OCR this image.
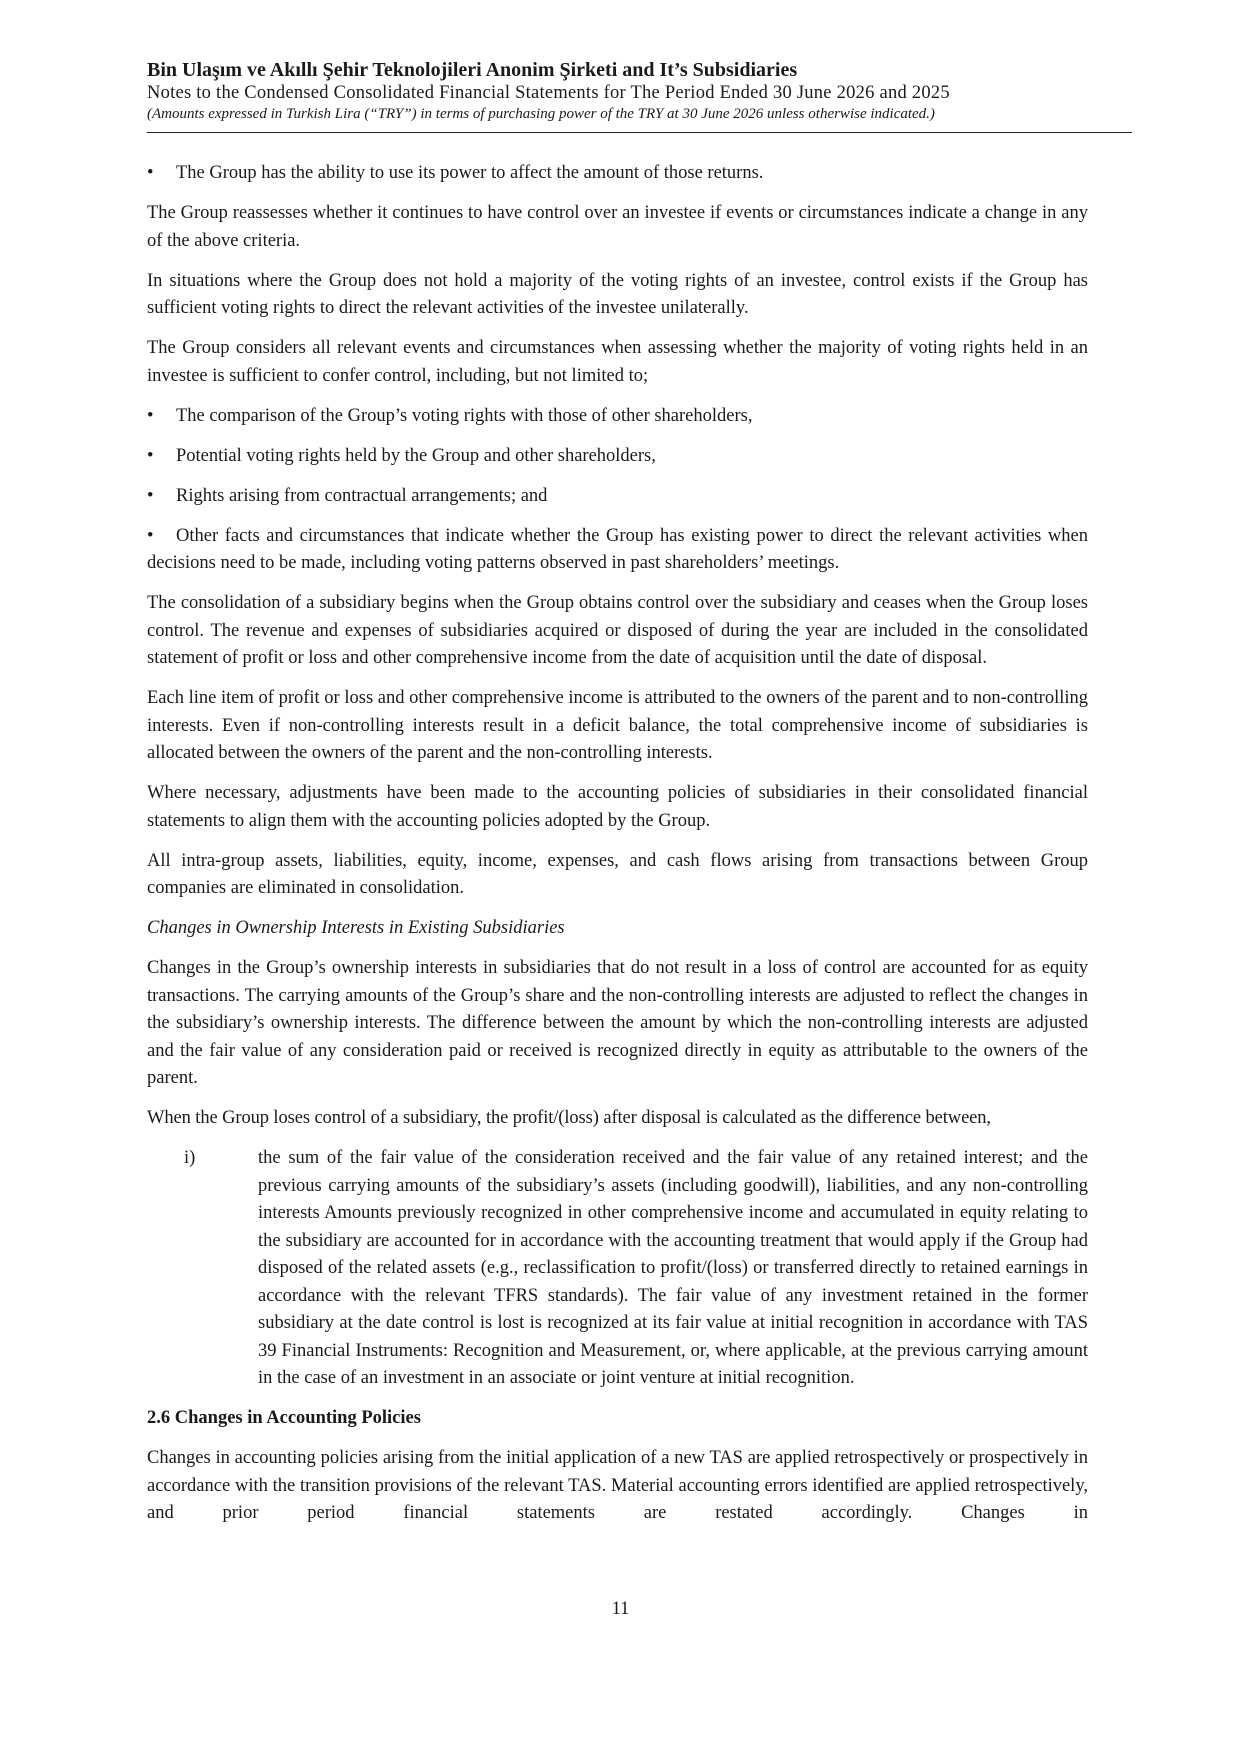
Bin Ulaşım ve Akıllı Şehir Teknolojileri Anonim Şirketi and It’s Subsidiaries

Notes to the Condensed Consolidated Financial Statements for The Period Ended 30 June 2026 and 2025

(Amounts expressed in Turkish Lira (“TRY”) in terms of purchasing power of the TRY at 30 June 2026 unless otherwise indicated.)

•	The Group has the ability to use its power to affect the amount of those returns.

The Group reassesses whether it continues to have control over an investee if events or circumstances indicate a change in any of the above criteria.

In situations where the Group does not hold a majority of the voting rights of an investee, control exists if the Group has sufficient voting rights to direct the relevant activities of the investee unilaterally.

The Group considers all relevant events and circumstances when assessing whether the majority of voting rights held in an investee is sufficient to confer control, including, but not limited to;

•	The comparison of the Group’s voting rights with those of other shareholders,
•	Potential voting rights held by the Group and other shareholders,
•	Rights arising from contractual arrangements; and

• Other facts and circumstances that indicate whether the Group has existing power to direct the relevant activities when decisions need to be made, including voting patterns observed in past shareholders’ meetings.

The consolidation of a subsidiary begins when the Group obtains control over the subsidiary and ceases when the Group loses control. The revenue and expenses of subsidiaries acquired or disposed of during the year are included in the consolidated statement of profit or loss and other comprehensive income from the date of acquisition until the date of disposal.

Each line item of profit or loss and other comprehensive income is attributed to the owners of the parent and to non-controlling interests. Even if non-controlling interests result in a deficit balance, the total comprehensive income of subsidiaries is allocated between the owners of the parent and the non-controlling interests.

Where necessary, adjustments have been made to the accounting policies of subsidiaries in their consolidated financial statements to align them with the accounting policies adopted by the Group.

All intra-group assets, liabilities, equity, income, expenses, and cash flows arising from transactions between Group companies are eliminated in consolidation.

Changes in Ownership Interests in Existing Subsidiaries

Changes in the Group’s ownership interests in subsidiaries that do not result in a loss of control are accounted for as equity transactions. The carrying amounts of the Group’s share and the non-controlling interests are adjusted to reflect the changes in the subsidiary’s ownership interests. The difference between the amount by which the non-controlling interests are adjusted and the fair value of any consideration paid or received is recognized directly in equity as attributable to the owners of the parent.

When the Group loses control of a subsidiary, the profit/(loss) after disposal is calculated as the difference between,

i)	the sum of the fair value of the consideration received and the fair value of any retained interest; and the previous carrying amounts of the subsidiary’s assets (including goodwill), liabilities, and any non-controlling interests Amounts previously recognized in other comprehensive income and accumulated in equity relating to the subsidiary are accounted for in accordance with the accounting treatment that would apply if the Group had disposed of the related assets (e.g., reclassification to profit/(loss) or transferred directly to retained earnings in accordance with the relevant TFRS standards). The fair value of any investment retained in the former subsidiary at the date control is lost is recognized at its fair value at initial recognition in accordance with TAS 39 Financial Instruments: Recognition and Measurement, or, where applicable, at the previous carrying amount in the case of an investment in an associate or joint venture at initial recognition.

2.6 Changes in Accounting Policies

Changes in accounting policies arising from the initial application of a new TAS are applied retrospectively or prospectively in accordance with the transition provisions of the relevant TAS. Material accounting errors identified are applied retrospectively, and prior period financial statements are restated accordingly. Changes in

11
